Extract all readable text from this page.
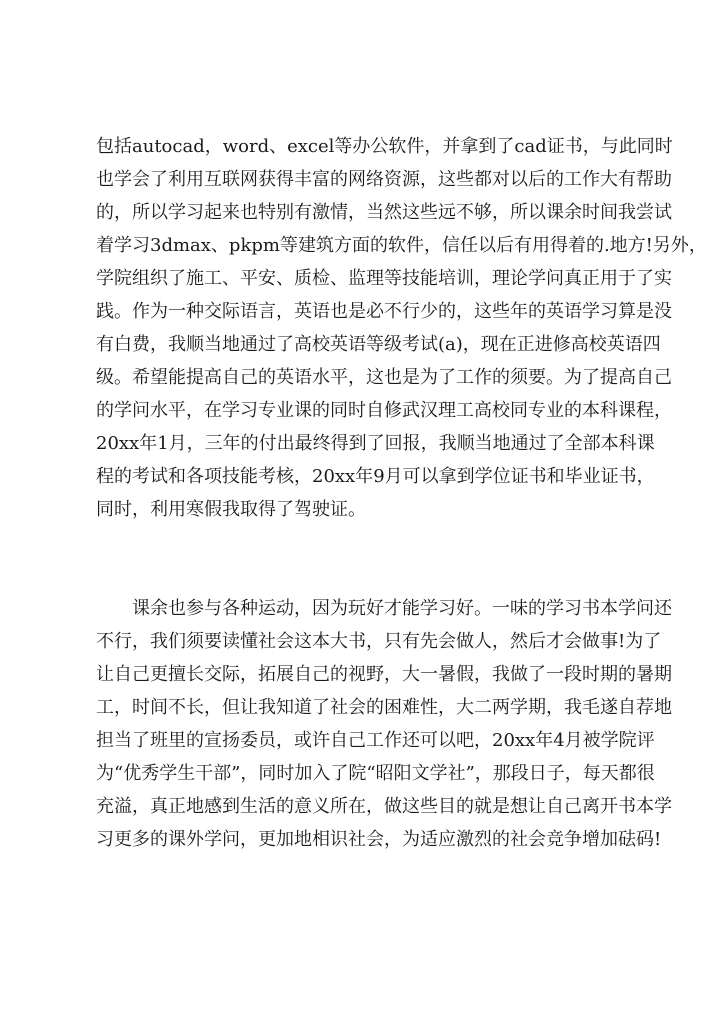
包括autocad，word、excel等办公软件，并拿到了cad证书，与此同时
也学会了利用互联网获得丰富的网络资源，这些都对以后的工作大有帮助
的，所以学习起来也特别有激情，当然这些远不够，所以课余时间我尝试
着学习3dmax、pkpm等建筑方面的软件，信任以后有用得着的.地方!另外，
学院组织了施工、平安、质检、监理等技能培训，理论学问真正用于了实
践。作为一种交际语言，英语也是必不行少的，这些年的英语学习算是没
有白费，我顺当地通过了高校英语等级考试(a)，现在正进修高校英语四
级。希望能提高自己的英语水平，这也是为了工作的须要。为了提高自己
的学问水平，在学习专业课的同时自修武汉理工高校同专业的本科课程，
20xx年1月，三年的付出最终得到了回报，我顺当地通过了全部本科课
程的考试和各项技能考核，20xx年9月可以拿到学位证书和毕业证书，
同时，利用寒假我取得了驾驶证。
课余也参与各种运动，因为玩好才能学习好。一味的学习书本学问还
不行，我们须要读懂社会这本大书，只有先会做人，然后才会做事!为了
让自己更擅长交际，拓展自己的视野，大一暑假，我做了一段时期的暑期
工，时间不长，但让我知道了社会的困难性，大二两学期，我毛遂自荐地
担当了班里的宣扬委员，或许自己工作还可以吧，20xx年4月被学院评
为“优秀学生干部”，同时加入了院“昭阳文学社”，那段日子，每天都很
充溢，真正地感到生活的意义所在，做这些目的就是想让自己离开书本学
习更多的课外学问，更加地相识社会，为适应激烈的社会竞争增加砝码!
